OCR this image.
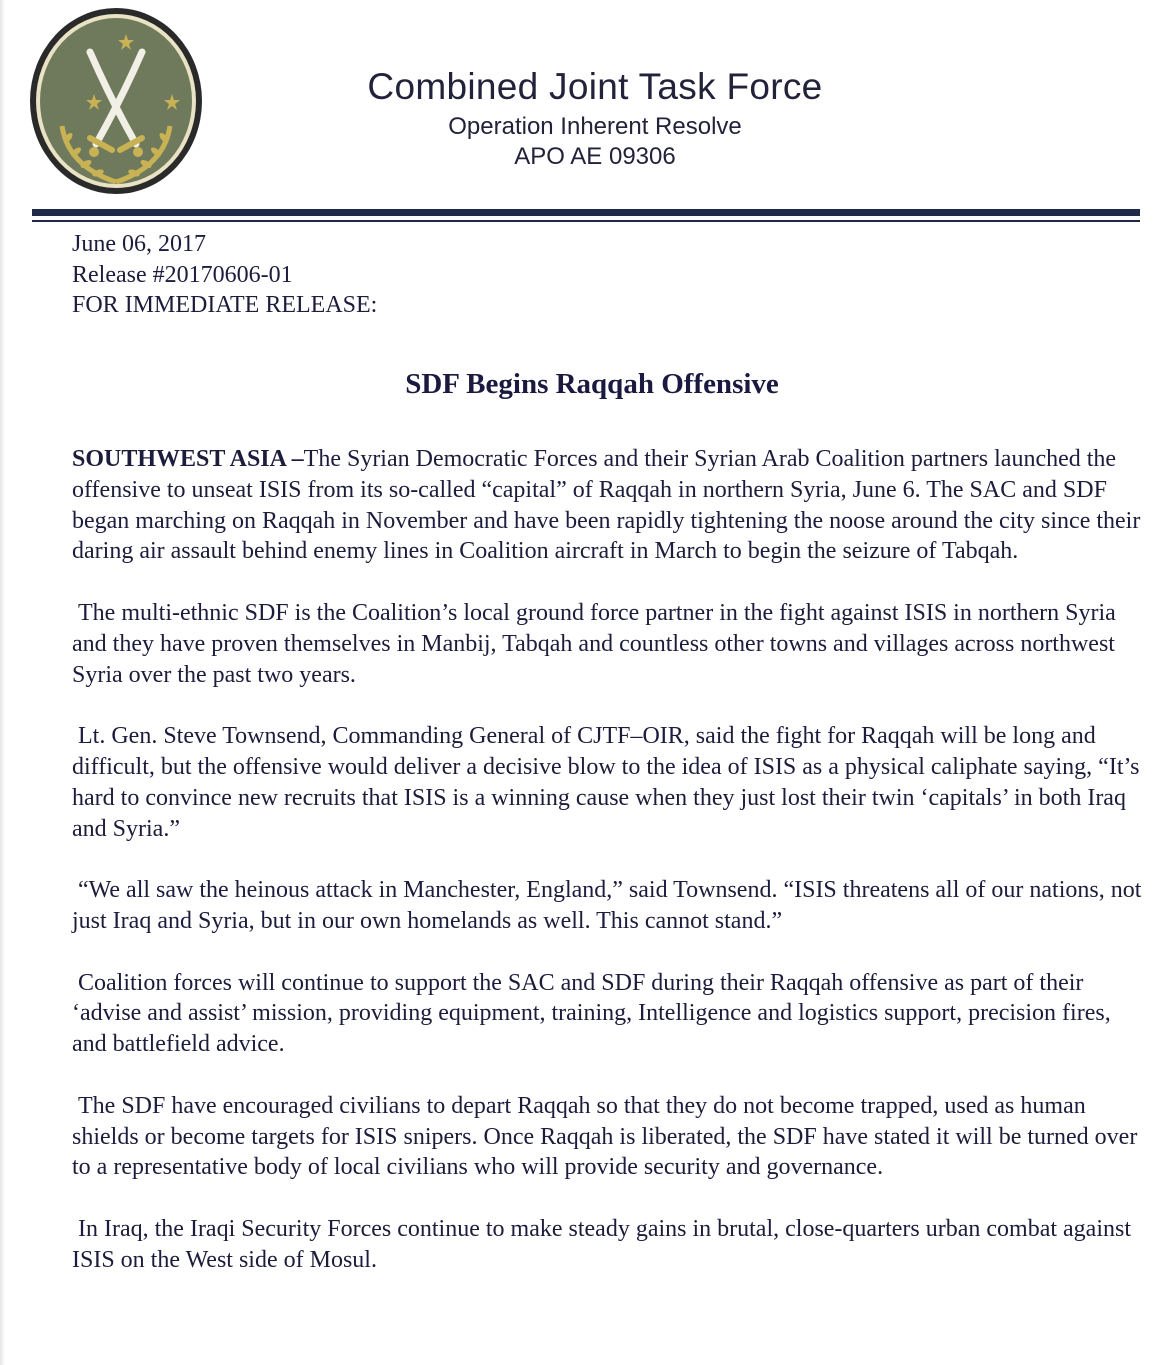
Combined Joint Task Force
Operation Inherent Resolve
APO AE 09306
June 06, 2017
Release #20170606-01
FOR IMMEDIATE RELEASE:
SDF Begins Raqqah Offensive

SOUTHWEST ASIA –The Syrian Democratic Forces and their Syrian Arab Coalition partners launched the offensive to unseat ISIS from its so-called “capital” of Raqqah in northern Syria, June 6. The SAC and SDF began marching on Raqqah in November and have been rapidly tightening the noose around the city since their daring air assault behind enemy lines in Coalition aircraft in March to begin the seizure of Tabqah.

The multi-ethnic SDF is the Coalition’s local ground force partner in the fight against ISIS in northern Syria and they have proven themselves in Manbij, Tabqah and countless other towns and villages across northwest Syria over the past two years.

Lt. Gen. Steve Townsend, Commanding General of CJTF–OIR, said the fight for Raqqah will be long and difficult, but the offensive would deliver a decisive blow to the idea of ISIS as a physical caliphate saying, “It’s hard to convince new recruits that ISIS is a winning cause when they just lost their twin ‘capitals’ in both Iraq and Syria.”

“We all saw the heinous attack in Manchester, England,” said Townsend. “ISIS threatens all of our nations, not just Iraq and Syria, but in our own homelands as well. This cannot stand.”

Coalition forces will continue to support the SAC and SDF during their Raqqah offensive as part of their ‘advise and assist’ mission, providing equipment, training, Intelligence and logistics support, precision fires, and battlefield advice.

The SDF have encouraged civilians to depart Raqqah so that they do not become trapped, used as human shields or become targets for ISIS snipers. Once Raqqah is liberated, the SDF have stated it will be turned over to a representative body of local civilians who will provide security and governance.

In Iraq, the Iraqi Security Forces continue to make steady gains in brutal, close-quarters urban combat against ISIS on the West side of Mosul.
